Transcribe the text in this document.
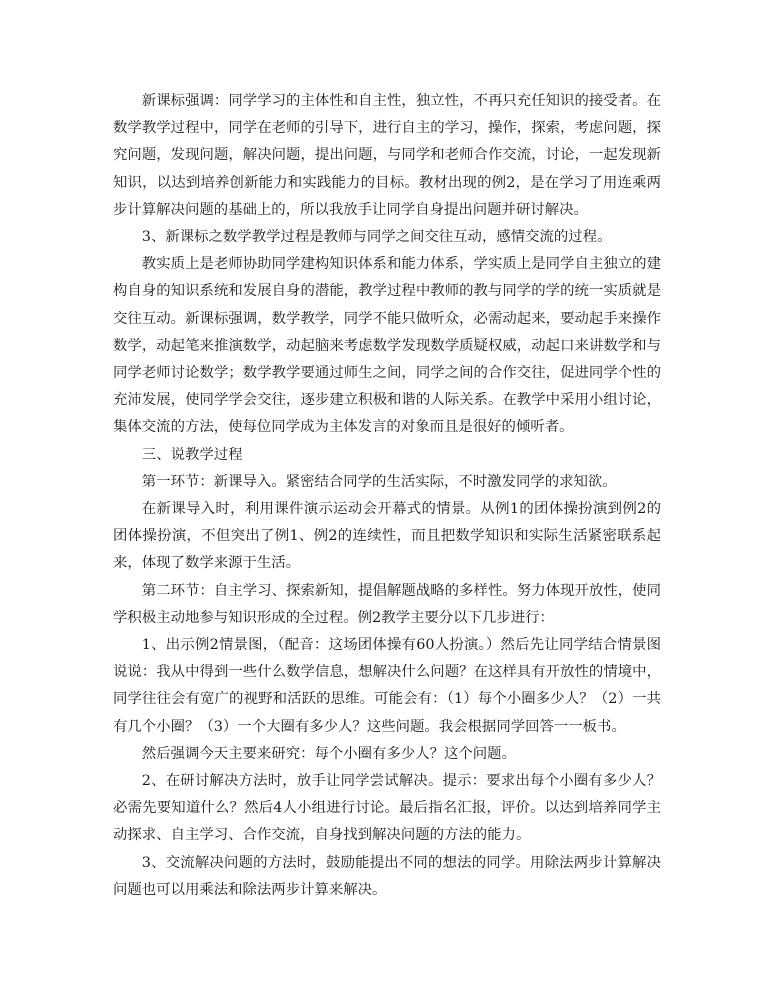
新课标强调：同学学习的主体性和自主性，独立性，不再只充任知识的接受者。在数学教学过程中，同学在老师的引导下，进行自主的学习，操作，探索，考虑问题，探究问题，发现问题，解决问题，提出问题，与同学和老师合作交流，讨论，一起发现新知识，以达到培养创新能力和实践能力的目标。教材出现的例2，是在学习了用连乘两步计算解决问题的基础上的，所以我放手让同学自身提出问题并研讨解决。

3、新课标之数学教学过程是教师与同学之间交往互动，感情交流的过程。

教实质上是老师协助同学建构知识体系和能力体系，学实质上是同学自主独立的建构自身的知识系统和发展自身的潜能，教学过程中教师的教与同学的学的统一实质就是交往互动。新课标强调，数学教学，同学不能只做听众，必需动起来，要动起手来操作数学，动起笔来推演数学，动起脑来考虑数学发现数学质疑权威，动起口来讲数学和与同学老师讨论数学；数学教学要通过师生之间，同学之间的合作交往，促进同学个性的充沛发展，使同学学会交往，逐步建立积极和谐的人际关系。在教学中采用小组讨论，集体交流的方法，使每位同学成为主体发言的对象而且是很好的倾听者。

三、说教学过程

第一环节：新课导入。紧密结合同学的生活实际，不时激发同学的求知欲。

在新课导入时，利用课件演示运动会开幕式的情景。从例1的团体操扮演到例2的团体操扮演，不但突出了例1、例2的连续性，而且把数学知识和实际生活紧密联系起来，体现了数学来源于生活。

第二环节：自主学习、探索新知，提倡解题战略的多样性。努力体现开放性，使同学积极主动地参与知识形成的全过程。例2教学主要分以下几步进行：

1、出示例2情景图，（配音：这场团体操有60人扮演。）然后先让同学结合情景图说说：我从中得到一些什么数学信息，想解决什么问题？在这样具有开放性的情境中，同学往往会有宽广的视野和活跃的思维。可能会有：（1）每个小圈多少人？（2）一共有几个小圈？（3）一个大圈有多少人？这些问题。我会根据同学回答一一板书。

然后强调今天主要来研究：每个小圈有多少人？这个问题。

2、在研讨解决方法时，放手让同学尝试解决。提示：要求出每个小圈有多少人？必需先要知道什么？然后4人小组进行讨论。最后指名汇报，评价。以达到培养同学主动探求、自主学习、合作交流，自身找到解决问题的方法的能力。

3、交流解决问题的方法时，鼓励能提出不同的想法的同学。用除法两步计算解决问题也可以用乘法和除法两步计算来解决。
